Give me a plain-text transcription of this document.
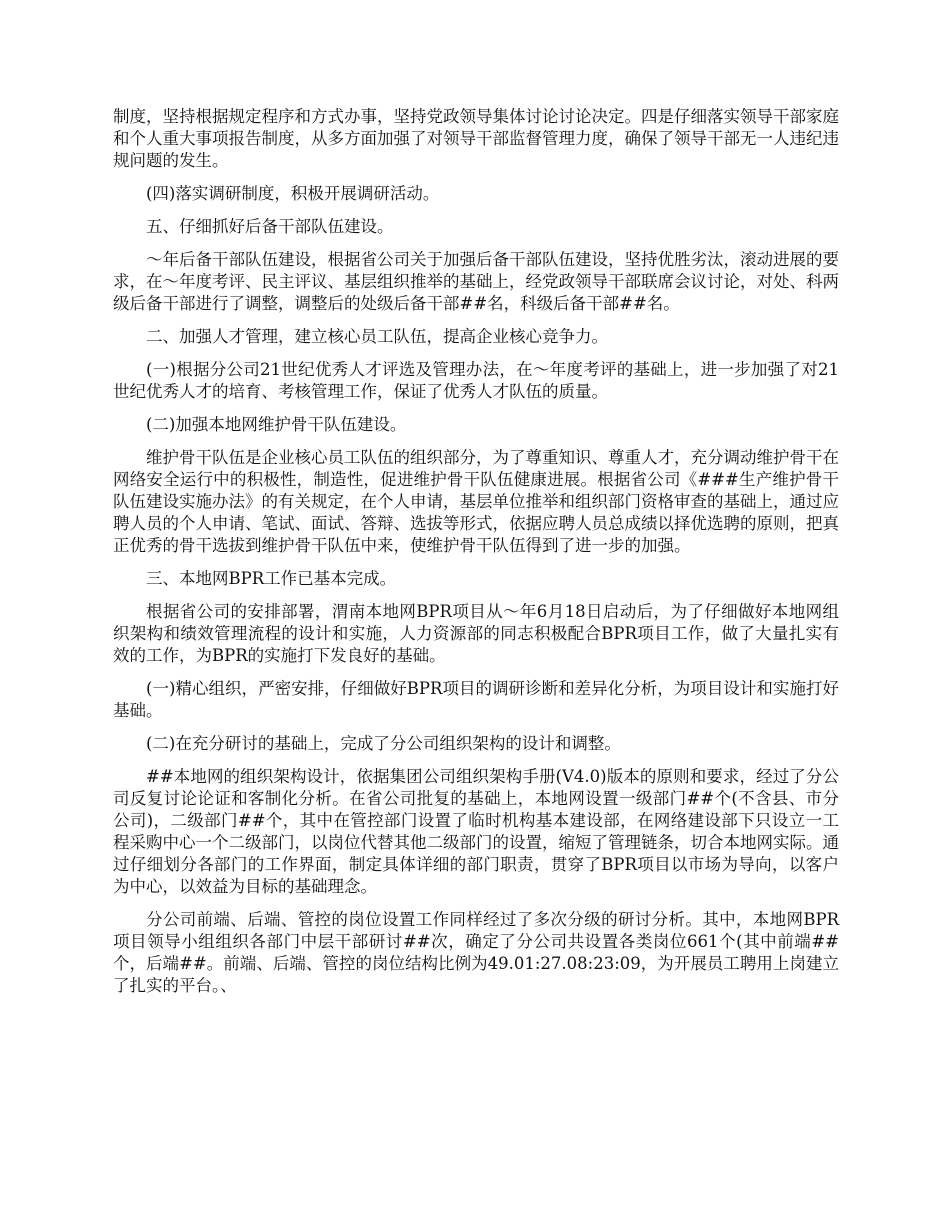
制度，坚持根据规定程序和方式办事，坚持党政领导集体讨论讨论决定。四是仔细落实领导干部家庭和个人重大事项报告制度，从多方面加强了对领导干部监督管理力度，确保了领导干部无一人违纪违规问题的发生。

(四)落实调研制度，积极开展调研活动。

五、仔细抓好后备干部队伍建设。

～年后备干部队伍建设，根据省公司关于加强后备干部队伍建设，坚持优胜劣汰，滚动进展的要求，在～年度考评、民主评议、基层组织推举的基础上，经党政领导干部联席会议讨论，对处、科两级后备干部进行了调整，调整后的处级后备干部##名，科级后备干部##名。

二、加强人才管理，建立核心员工队伍，提高企业核心竞争力。

(一)根据分公司21世纪优秀人才评选及管理办法，在～年度考评的基础上，进一步加强了对21世纪优秀人才的培育、考核管理工作，保证了优秀人才队伍的质量。

(二)加强本地网维护骨干队伍建设。

维护骨干队伍是企业核心员工队伍的组织部分，为了尊重知识、尊重人才，充分调动维护骨干在网络安全运行中的积极性，制造性，促进维护骨干队伍健康进展。根据省公司《###生产维护骨干队伍建设实施办法》的有关规定，在个人申请，基层单位推举和组织部门资格审查的基础上，通过应聘人员的个人申请、笔试、面试、答辩、选拔等形式，依据应聘人员总成绩以择优选聘的原则，把真正优秀的骨干选拔到维护骨干队伍中来，使维护骨干队伍得到了进一步的加强。

三、本地网BPR工作已基本完成。

根据省公司的安排部署，渭南本地网BPR项目从～年6月18日启动后，为了仔细做好本地网组织架构和绩效管理流程的设计和实施，人力资源部的同志积极配合BPR项目工作，做了大量扎实有效的工作，为BPR的实施打下发良好的基础。

(一)精心组织，严密安排，仔细做好BPR项目的调研诊断和差异化分析，为项目设计和实施打好基础。

(二)在充分研讨的基础上，完成了分公司组织架构的设计和调整。

##本地网的组织架构设计，依据集团公司组织架构手册(V4.0)版本的原则和要求，经过了分公司反复讨论论证和客制化分析。在省公司批复的基础上，本地网设置一级部门##个(不含县、市分公司)，二级部门##个，其中在管控部门设置了临时机构基本建设部，在网络建设部下只设立一工程采购中心一个二级部门，以岗位代替其他二级部门的设置，缩短了管理链条，切合本地网实际。通过仔细划分各部门的工作界面，制定具体详细的部门职责，贯穿了BPR项目以市场为导向，以客户为中心，以效益为目标的基础理念。

分公司前端、后端、管控的岗位设置工作同样经过了多次分级的研讨分析。其中，本地网BPR项目领导小组组织各部门中层干部研讨##次，确定了分公司共设置各类岗位661个(其中前端##个，后端##。前端、后端、管控的岗位结构比例为49.01:27.08:23:09，为开展员工聘用上岗建立了扎实的平台。、
